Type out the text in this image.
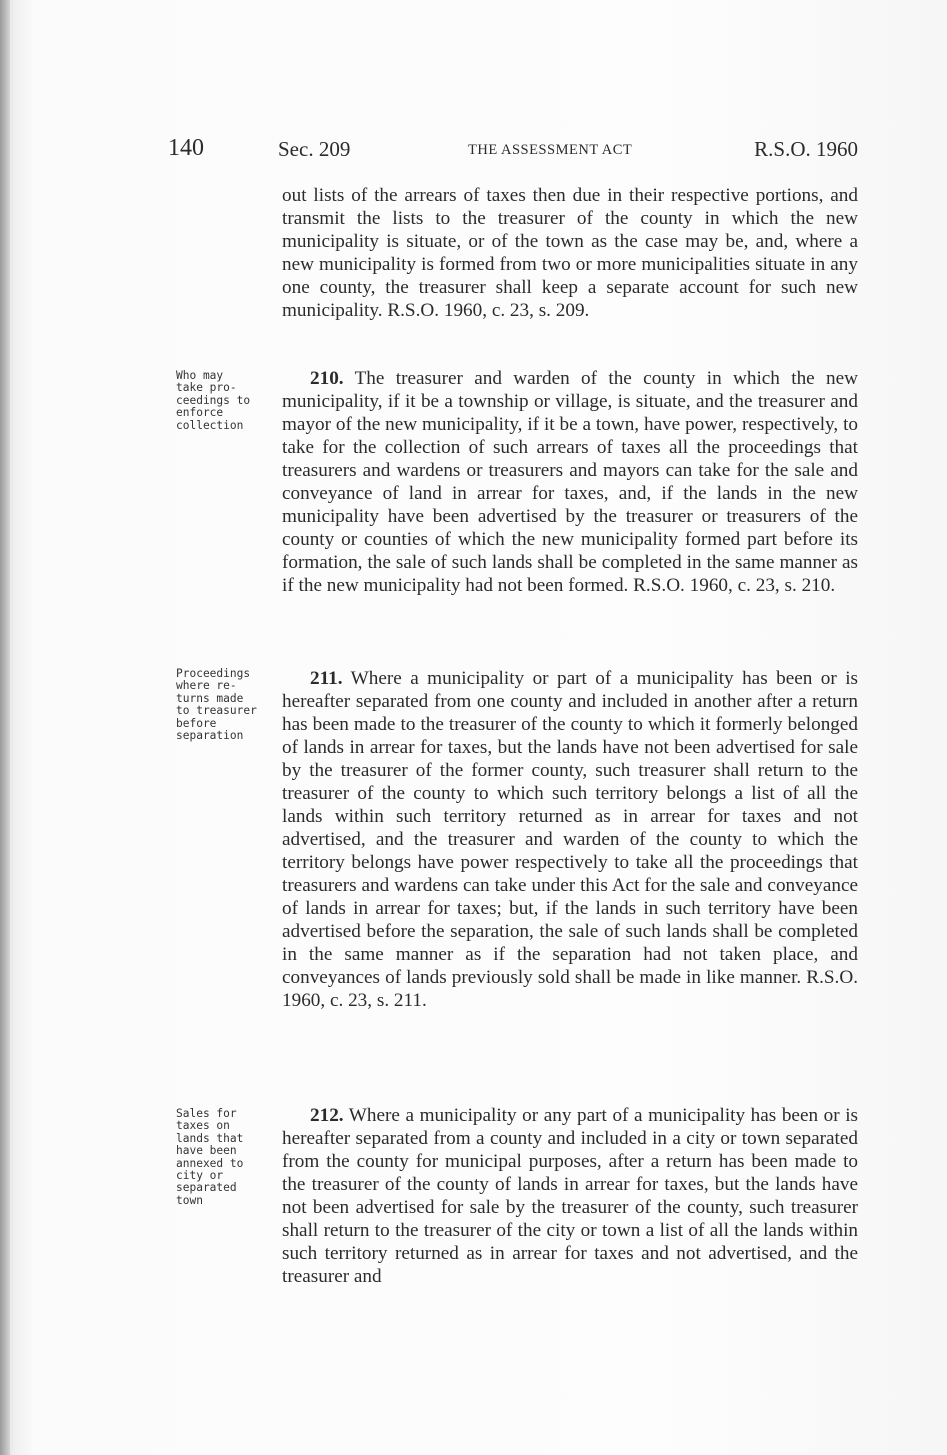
140	Sec. 209	THE ASSESSMENT ACT	R.S.O. 1960

out lists of the arrears of taxes then due in their respective portions, and transmit the lists to the treasurer of the county in which the new municipality is situate, or of the town as the case may be, and, where a new municipality is formed from two or more municipalities situate in any one county, the treasurer shall keep a separate account for such new municipality. R.S.O. 1960, c. 23, s. 209.

Who may
take pro-
ceedings to
enforce
collection

210. The treasurer and warden of the county in which the new municipality, if it be a township or village, is situate, and the treasurer and mayor of the new municipality, if it be a town, have power, respectively, to take for the collection of such arrears of taxes all the proceedings that treasurers and wardens or treasurers and mayors can take for the sale and conveyance of land in arrear for taxes, and, if the lands in the new municipality have been advertised by the treasurer or treasurers of the county or counties of which the new municipality formed part before its formation, the sale of such lands shall be completed in the same manner as if the new municipality had not been formed. R.S.O. 1960, c. 23, s. 210.

Proceedings
where re-
turns made
to treasurer
before
separation

211. Where a municipality or part of a municipality has been or is hereafter separated from one county and included in another after a return has been made to the treasurer of the county to which it formerly belonged of lands in arrear for taxes, but the lands have not been advertised for sale by the treasurer of the former county, such treasurer shall return to the treasurer of the county to which such territory belongs a list of all the lands within such territory returned as in arrear for taxes and not advertised, and the treasurer and warden of the county to which the territory belongs have power respectively to take all the proceedings that treasurers and wardens can take under this Act for the sale and conveyance of lands in arrear for taxes; but, if the lands in such territory have been advertised before the separation, the sale of such lands shall be completed in the same manner as if the separation had not taken place, and conveyances of lands previously sold shall be made in like manner. R.S.O. 1960, c. 23, s. 211.

Sales for
taxes on
lands that
have been
annexed to
city or
separated
town

212. Where a municipality or any part of a municipality has been or is hereafter separated from a county and included in a city or town separated from the county for municipal purposes, after a return has been made to the treasurer of the county of lands in arrear for taxes, but the lands have not been advertised for sale by the treasurer of the county, such treasurer shall return to the treasurer of the city or town a list of all the lands within such territory returned as in arrear for taxes and not advertised, and the treasurer and
